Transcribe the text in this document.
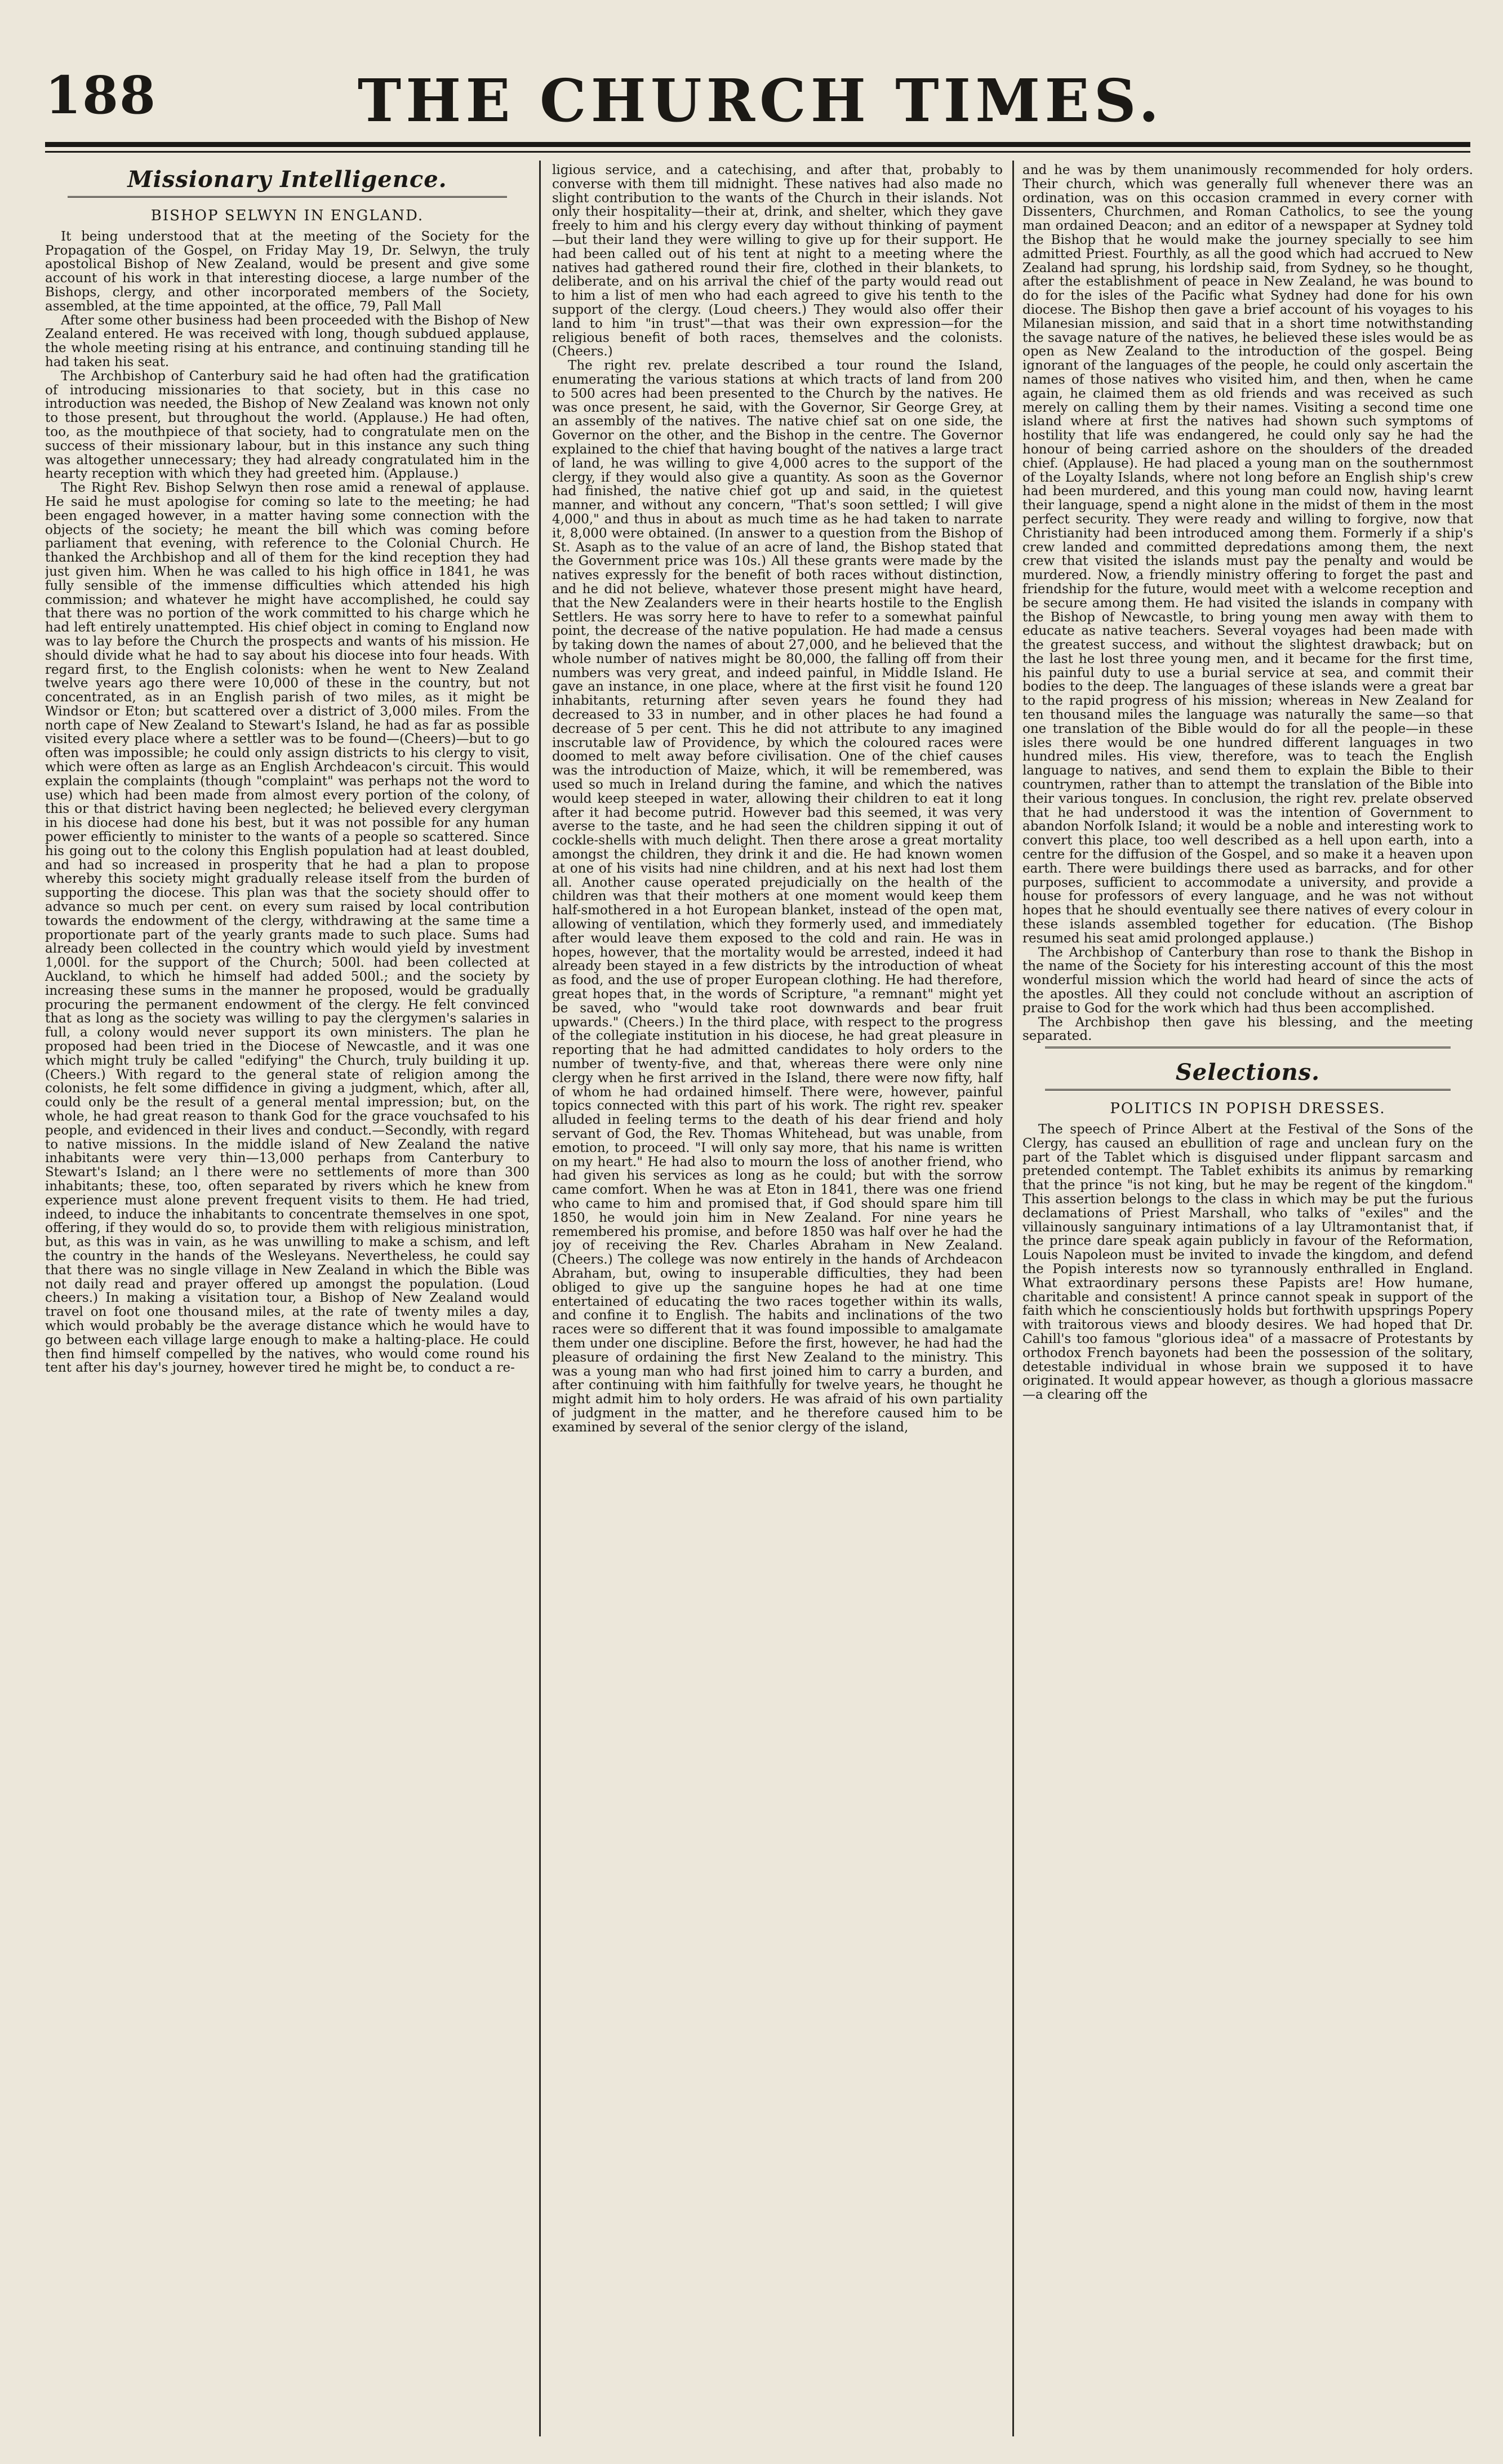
188	THE CHURCH TIMES.
Missionary Intelligence.
BISHOP SELWYN IN ENGLAND.

It being understood that at the meeting of the Society for the Propagation of the Gospel, on Friday May 19, Dr. Selwyn, the truly apostolical Bishop of New Zealand, would be present and give some account of his work in that interesting diocese, a large number of the Bishops, clergy, and other incorporated members of the Society, assembled, at the time appointed, at the office, 79, Pall Mall

After some other business had been proceeded with the Bishop of New Zealand entered. He was received with long, though subdued applause, the whole meeting rising at his entrance, and continuing standing till he had taken his seat.

The Archbishop of Canterbury said he had often had the gratification of introducing missionaries to that society, but in this case no introduction was needed, the Bishop of New Zealand was known not only to those present, but throughout the world. (Applause.) He had often, too, as the mouthpiece of that society, had to congratulate men on the success of their missionary labour, but in this instance any such thing was altogether unnecessary; they had already congratulated him in the hearty reception with which they had greeted him. (Applause.)

The Right Rev. Bishop Selwyn then rose amid a renewal of applause. He said he must apologise for coming so late to the meeting; he had been engaged however, in a matter having some connection with the objects of the society; he meant the bill which was coming before parliament that evening, with reference to the Colonial Church. He thanked the Archbishop and all of them for the kind reception they had just given him. When he was called to his high office in 1841, he was fully sensible of the immense difficulties which attended his high commission; and whatever he might have accomplished, he could say that there was no portion of the work committed to his charge which he had left entirely unattempted. His chief object in coming to England now was to lay before the Church the prospects and wants of his mission. He should divide what he had to say about his diocese into four heads. With regard first, to the English colonists: when he went to New Zealand twelve years ago there were 10,000 of these in the country, but not concentrated, as in an English parish of two miles, as it might be Windsor or Eton; but scattered over a district of 3,000 miles. From the north cape of New Zealand to Stewart's Island, he had as far as possible visited every place where a settler was to be found—(Cheers)—but to go often was impossible; he could only assign districts to his clergy to visit, which were often as large as an English Archdeacon's circuit. This would explain the complaints (though "complaint" was perhaps not the word to use) which had been made from almost every portion of the colony, of this or that district having been neglected; he believed every clergyman in his diocese had done his best, but it was not possible for any human power efficiently to minister to the wants of a people so scattered. Since his going out to the colony this English population had at least doubled, and had so increased in prosperity that he had a plan to propose whereby this society might gradually release itself from the burden of supporting the diocese. This plan was that the society should offer to advance so much per cent. on every sum raised by local contribution towards the endowment of the clergy, withdrawing at the same time a proportionate part of the yearly grants made to such place. Sums had already been collected in the country which would yield by investment 1,000l. for the support of the Church; 500l. had been collected at Auckland, to which he himself had added 500l.; and the society by increasing these sums in the manner he proposed, would be gradually procuring the permanent endowment of the clergy. He felt convinced that as long as the society was willing to pay the clergymen's salaries in full, a colony would never support its own ministers. The plan he proposed had been tried in the Diocese of Newcastle, and it was one which might truly be called "edifying" the Church, truly building it up. (Cheers.) With regard to the general state of religion among the colonists, he felt some diffidence in giving a judgment, which, after all, could only be the result of a general mental impression; but, on the whole, he had great reason to thank God for the grace vouchsafed to his people, and evidenced in their lives and conduct.—Secondly, with regard to native missions. In the middle island of New Zealand the native inhabitants were very thin—13,000 perhaps from Canterbury to Stewart's Island; an l there were no settlements of more than 300 inhabitants; these, too, often separated by rivers which he knew from experience must alone prevent frequent visits to them. He had tried, indeed, to induce the inhabitants to concentrate themselves in one spot, offering, if they would do so, to provide them with religious ministration, but, as this was in vain, as he was unwilling to make a schism, and left the country in the hands of the Wesleyans. Nevertheless, he could say that there was no single village in New Zealand in which the Bible was not daily read and prayer offered up amongst the population. (Loud cheers.) In making a visitation tour, a Bishop of New Zealand would travel on foot one thousand miles, at the rate of twenty miles a day, which would probably be the average distance which he would have to go between each village large enough to make a halting-place. He could then find himself compelled by the natives, who would come round his tent after his day's journey, however tired he might be, to conduct a re-

ligious service, and a catechising, and after that, probably to converse with them till midnight. These natives had also made no slight contribution to the wants of the Church in their islands. Not only their hospitality—their at, drink, and shelter, which they gave freely to him and his clergy every day without thinking of payment—but their land they were willing to give up for their support. He had been called out of his tent at night to a meeting where the natives had gathered round their fire, clothed in their blankets, to deliberate, and on his arrival the chief of the party would read out to him a list of men who had each agreed to give his tenth to the support of the clergy. (Loud cheers.) They would also offer their land to him "in trust"—that was their own expression—for the religious benefit of both races, themselves and the colonists. (Cheers.)

The right rev. prelate described a tour round the Island, enumerating the various stations at which tracts of land from 200 to 500 acres had been presented to the Church by the natives. He was once present, he said, with the Governor, Sir George Grey, at an assembly of the natives. The native chief sat on one side, the Governor on the other, and the Bishop in the centre. The Governor explained to the chief that having bought of the natives a large tract of land, he was willing to give 4,000 acres to the support of the clergy, if they would also give a quantity. As soon as the Governor had finished, the native chief got up and said, in the quietest manner, and without any concern, "That's soon settled; I will give 4,000," and thus in about as much time as he had taken to narrate it, 8,000 were obtained. (In answer to a question from the Bishop of St. Asaph as to the value of an acre of land, the Bishop stated that the Government price was 10s.) All these grants were made by the natives expressly for the benefit of both races without distinction, and he did not believe, whatever those present might have heard, that the New Zealanders were in their hearts hostile to the English Settlers. He was sorry here to have to refer to a somewhat painful point, the decrease of the native population. He had made a census by taking down the names of about 27,000, and he believed that the whole number of natives might be 80,000, the falling off from their numbers was very great, and indeed painful, in Middle Island. He gave an instance, in one place, where at the first visit he found 120 inhabitants, returning after seven years he found they had decreased to 33 in number, and in other places he had found a decrease of 5 per cent. This he did not attribute to any imagined inscrutable law of Providence, by which the coloured races were doomed to melt away before civilisation. One of the chief causes was the introduction of Maize, which, it will be remembered, was used so much in Ireland during the famine, and which the natives would keep steeped in water, allowing their children to eat it long after it had become putrid. However bad this seemed, it was very averse to the taste, and he had seen the children sipping it out of cockle-shells with much delight. Then there arose a great mortality amongst the children, they drink it and die. He had known women at one of his visits had nine children, and at his next had lost them all. Another cause operated prejudicially on the health of the children was that their mothers at one moment would keep them half-smothered in a hot European blanket, instead of the open mat, allowing of ventilation, which they formerly used, and immediately after would leave them exposed to the cold and rain. He was in hopes, however, that the mortality would be arrested, indeed it had already been stayed in a few districts by the introduction of wheat as food, and the use of proper European clothing. He had therefore, great hopes that, in the words of Scripture, "a remnant" might yet be saved, who "would take root downwards and bear fruit upwards." (Cheers.) In the third place, with respect to the progress of the collegiate institution in his diocese, he had great pleasure in reporting that he had admitted candidates to holy orders to the number of twenty-five, and that, whereas there were only nine clergy when he first arrived in the Island, there were now fifty, half of whom he had ordained himself. There were, however, painful topics connected with this part of his work. The right rev. speaker alluded in feeling terms to the death of his dear friend and holy servant of God, the Rev. Thomas Whitehead, but was unable, from emotion, to proceed. "I will only say more, that his name is written on my heart." He had also to mourn the loss of another friend, who had given his services as long as he could; but with the sorrow came comfort. When he was at Eton in 1841, there was one friend who came to him and promised that, if God should spare him till 1850, he would join him in New Zealand. For nine years he remembered his promise, and before 1850 was half over he had the joy of receiving the Rev. Charles Abraham in New Zealand. (Cheers.) The college was now entirely in the hands of Archdeacon Abraham, but, owing to insuperable difficulties, they had been obliged to give up the sanguine hopes he had at one time entertained of educating the two races together within its walls, and confine it to English. The habits and inclinations of the two races were so different that it was found impossible to amalgamate them under one discipline. Before the first, however, he had had the pleasure of ordaining the first New Zealand to the ministry. This was a young man who had first joined him to carry a burden, and after continuing with him faithfully for twelve years, he thought he might admit him to holy orders. He was afraid of his own partiality of judgment in the matter, and he therefore caused him to be examined by several of the senior clergy of the island,

and he was by them unanimously recommended for holy orders. Their church, which was generally full whenever there was an ordination, was on this occasion crammed in every corner with Dissenters, Churchmen, and Roman Catholics, to see the young man ordained Deacon; and an editor of a newspaper at Sydney told the Bishop that he would make the journey specially to see him admitted Priest. Fourthly, as all the good which had accrued to New Zealand had sprung, his lordship said, from Sydney, so he thought, after the establishment of peace in New Zealand, he was bound to do for the isles of the Pacific what Sydney had done for his own diocese. The Bishop then gave a brief account of his voyages to his Milanesian mission, and said that in a short time notwithstanding the savage nature of the natives, he believed these isles would be as open as New Zealand to the introduction of the gospel. Being ignorant of the languages of the people, he could only ascertain the names of those natives who visited him, and then, when he came again, he claimed them as old friends and was received as such merely on calling them by their names. Visiting a second time one island where at first the natives had shown such symptoms of hostility that life was endangered, he could only say he had the honour of being carried ashore on the shoulders of the dreaded chief. (Applause). He had placed a young man on the southernmost of the Loyalty Islands, where not long before an English ship's crew had been murdered, and this young man could now, having learnt their language, spend a night alone in the midst of them in the most perfect security. They were ready and willing to forgive, now that Christianity had been introduced among them. Formerly if a ship's crew landed and committed depredations among them, the next crew that visited the islands must pay the penalty and would be murdered. Now, a friendly ministry offering to forget the past and friendship for the future, would meet with a welcome reception and be secure among them. He had visited the islands in company with the Bishop of Newcastle, to bring young men away with them to educate as native teachers. Several voyages had been made with the greatest success, and without the slightest drawback; but on the last he lost three young men, and it became for the first time, his painful duty to use a burial service at sea, and commit their bodies to the deep. The languages of these islands were a great bar to the rapid progress of his mission; whereas in New Zealand for ten thousand miles the language was naturally the same—so that one translation of the Bible would do for all the people—in these isles there would be one hundred different languages in two hundred miles. His view, therefore, was to teach the English language to natives, and send them to explain the Bible to their countrymen, rather than to attempt the translation of the Bible into their various tongues. In conclusion, the right rev. prelate observed that he had understood it was the intention of Government to abandon Norfolk Island; it would be a noble and interesting work to convert this place, too well described as a hell upon earth, into a centre for the diffusion of the Gospel, and so make it a heaven upon earth. There were buildings there used as barracks, and for other purposes, sufficient to accommodate a university, and provide a house for professors of every language, and he was not without hopes that he should eventually see there natives of every colour in these islands assembled together for education. (The Bishop resumed his seat amid prolonged applause.)

The Archbishop of Canterbury than rose to thank the Bishop in the name of the Society for his interesting account of this the most wonderful mission which the world had heard of since the acts of the apostles. All they could not conclude without an ascription of praise to God for the work which had thus been accomplished.

The Archbishop then gave his blessing, and the meeting separated.

Selections.
POLITICS IN POPISH DRESSES.

The speech of Prince Albert at the Festival of the Sons of the Clergy, has caused an ebullition of rage and unclean fury on the part of the Tablet which is disguised under flippant sarcasm and pretended contempt. The Tablet exhibits its animus by remarking that the prince "is not king, but he may be regent of the kingdom." This assertion belongs to the class in which may be put the furious declamations of Priest Marshall, who talks of "exiles" and the villainously sanguinary intimations of a lay Ultramontanist that, if the prince dare speak again publicly in favour of the Reformation, Louis Napoleon must be invited to invade the kingdom, and defend the Popish interests now so tyrannously enthralled in England. What extraordinary persons these Papists are! How humane, charitable and consistent! A prince cannot speak in support of the faith which he conscientiously holds but forthwith upsprings Popery with traitorous views and bloody desires. We had hoped that Dr. Cahill's too famous "glorious idea" of a massacre of Protestants by orthodox French bayonets had been the possession of the solitary, detestable individual in whose brain we supposed it to have originated. It would appear however, as though a glorious massacre—a clearing off the
